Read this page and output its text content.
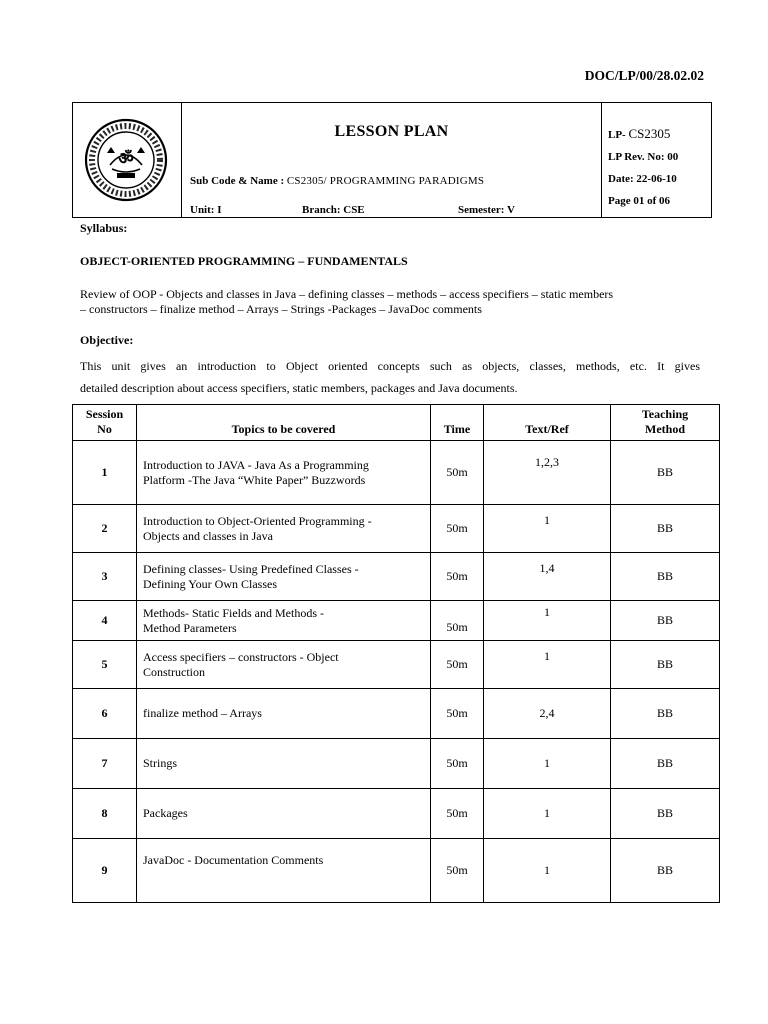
DOC/LP/00/28.02.02
ॐ
LESSON PLAN
Sub Code & Name : CS2305/ PROGRAMMING PARADIGMS
Unit: I	Branch: CSE	Semester: V
LP- CS2305
LP Rev. No: 00
Date: 22-06-10
Page 01 of 06
Syllabus:
OBJECT-ORIENTED PROGRAMMING – FUNDAMENTALS
Review of OOP - Objects and classes in Java – defining classes – methods – access specifiers – static members
– constructors – finalize method – Arrays – Strings -Packages – JavaDoc comments
Objective:
This unit gives an introduction to Object oriented concepts such as objects, classes, methods, etc. It gives
detailed description about access specifiers, static members, packages and Java documents.
Session
No	Topics to be covered	Time	Text/Ref	Teaching
Method
1	Introduction to JAVA - Java As a Programming
Platform -The Java “White Paper” Buzzwords	50m	1,2,3	BB
2	Introduction to Object-Oriented Programming -
Objects and classes in Java	50m	1	BB
3	Defining classes- Using Predefined Classes -
Defining Your Own Classes	50m	1,4	BB
4	Methods- Static Fields and Methods -
Method Parameters	50m	1	BB
5	Access specifiers – constructors - Object
Construction	50m	1	BB
6	finalize method – Arrays	50m	2,4	BB
7	Strings	50m	1	BB
8	Packages	50m	1	BB
9	JavaDoc - Documentation Comments	50m	1	BB
